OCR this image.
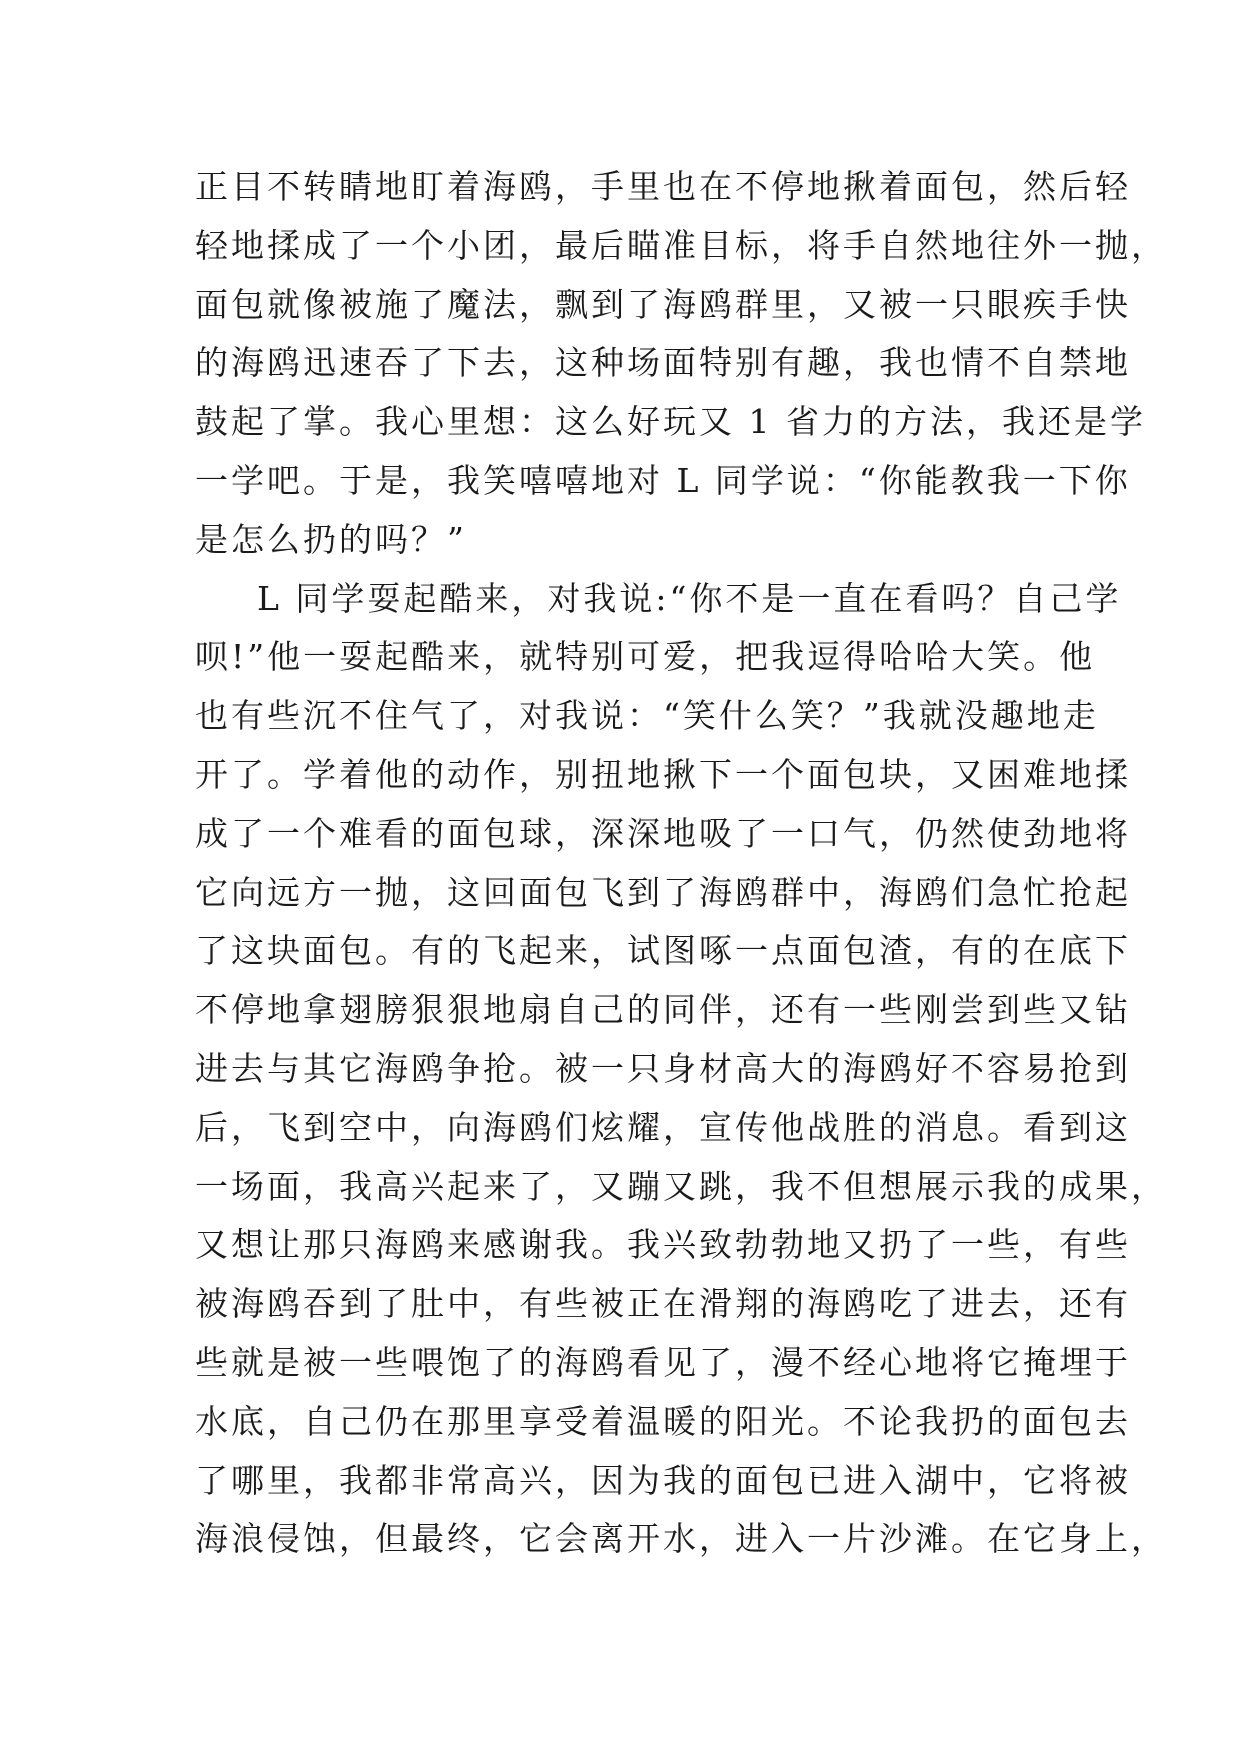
正目不转睛地盯着海鸥，手里也在不停地揪着面包，然后轻
轻地揉成了一个小团，最后瞄准目标，将手自然地往外一抛，
面包就像被施了魔法，飘到了海鸥群里，又被一只眼疾手快
的海鸥迅速吞了下去，这种场面特别有趣，我也情不自禁地
鼓起了掌。我心里想：这么好玩又 1 省力的方法，我还是学
一学吧。于是，我笑嘻嘻地对 L 同学说：“你能教我一下你
是怎么扔的吗？”
L 同学耍起酷来，对我说:“你不是一直在看吗？自己学
呗!”他一耍起酷来，就特别可爱，把我逗得哈哈大笑。他
也有些沉不住气了，对我说：“笑什么笑？”我就没趣地走
开了。学着他的动作，别扭地揪下一个面包块，又困难地揉
成了一个难看的面包球，深深地吸了一口气，仍然使劲地将
它向远方一抛，这回面包飞到了海鸥群中，海鸥们急忙抢起
了这块面包。有的飞起来，试图啄一点面包渣，有的在底下
不停地拿翅膀狠狠地扇自己的同伴，还有一些刚尝到些又钻
进去与其它海鸥争抢。被一只身材高大的海鸥好不容易抢到
后，飞到空中，向海鸥们炫耀，宣传他战胜的消息。看到这
一场面，我高兴起来了，又蹦又跳，我不但想展示我的成果，
又想让那只海鸥来感谢我。我兴致勃勃地又扔了一些，有些
被海鸥吞到了肚中，有些被正在滑翔的海鸥吃了进去，还有
些就是被一些喂饱了的海鸥看见了，漫不经心地将它掩埋于
水底，自己仍在那里享受着温暖的阳光。不论我扔的面包去
了哪里，我都非常高兴，因为我的面包已进入湖中，它将被
海浪侵蚀，但最终，它会离开水，进入一片沙滩。在它身上，
